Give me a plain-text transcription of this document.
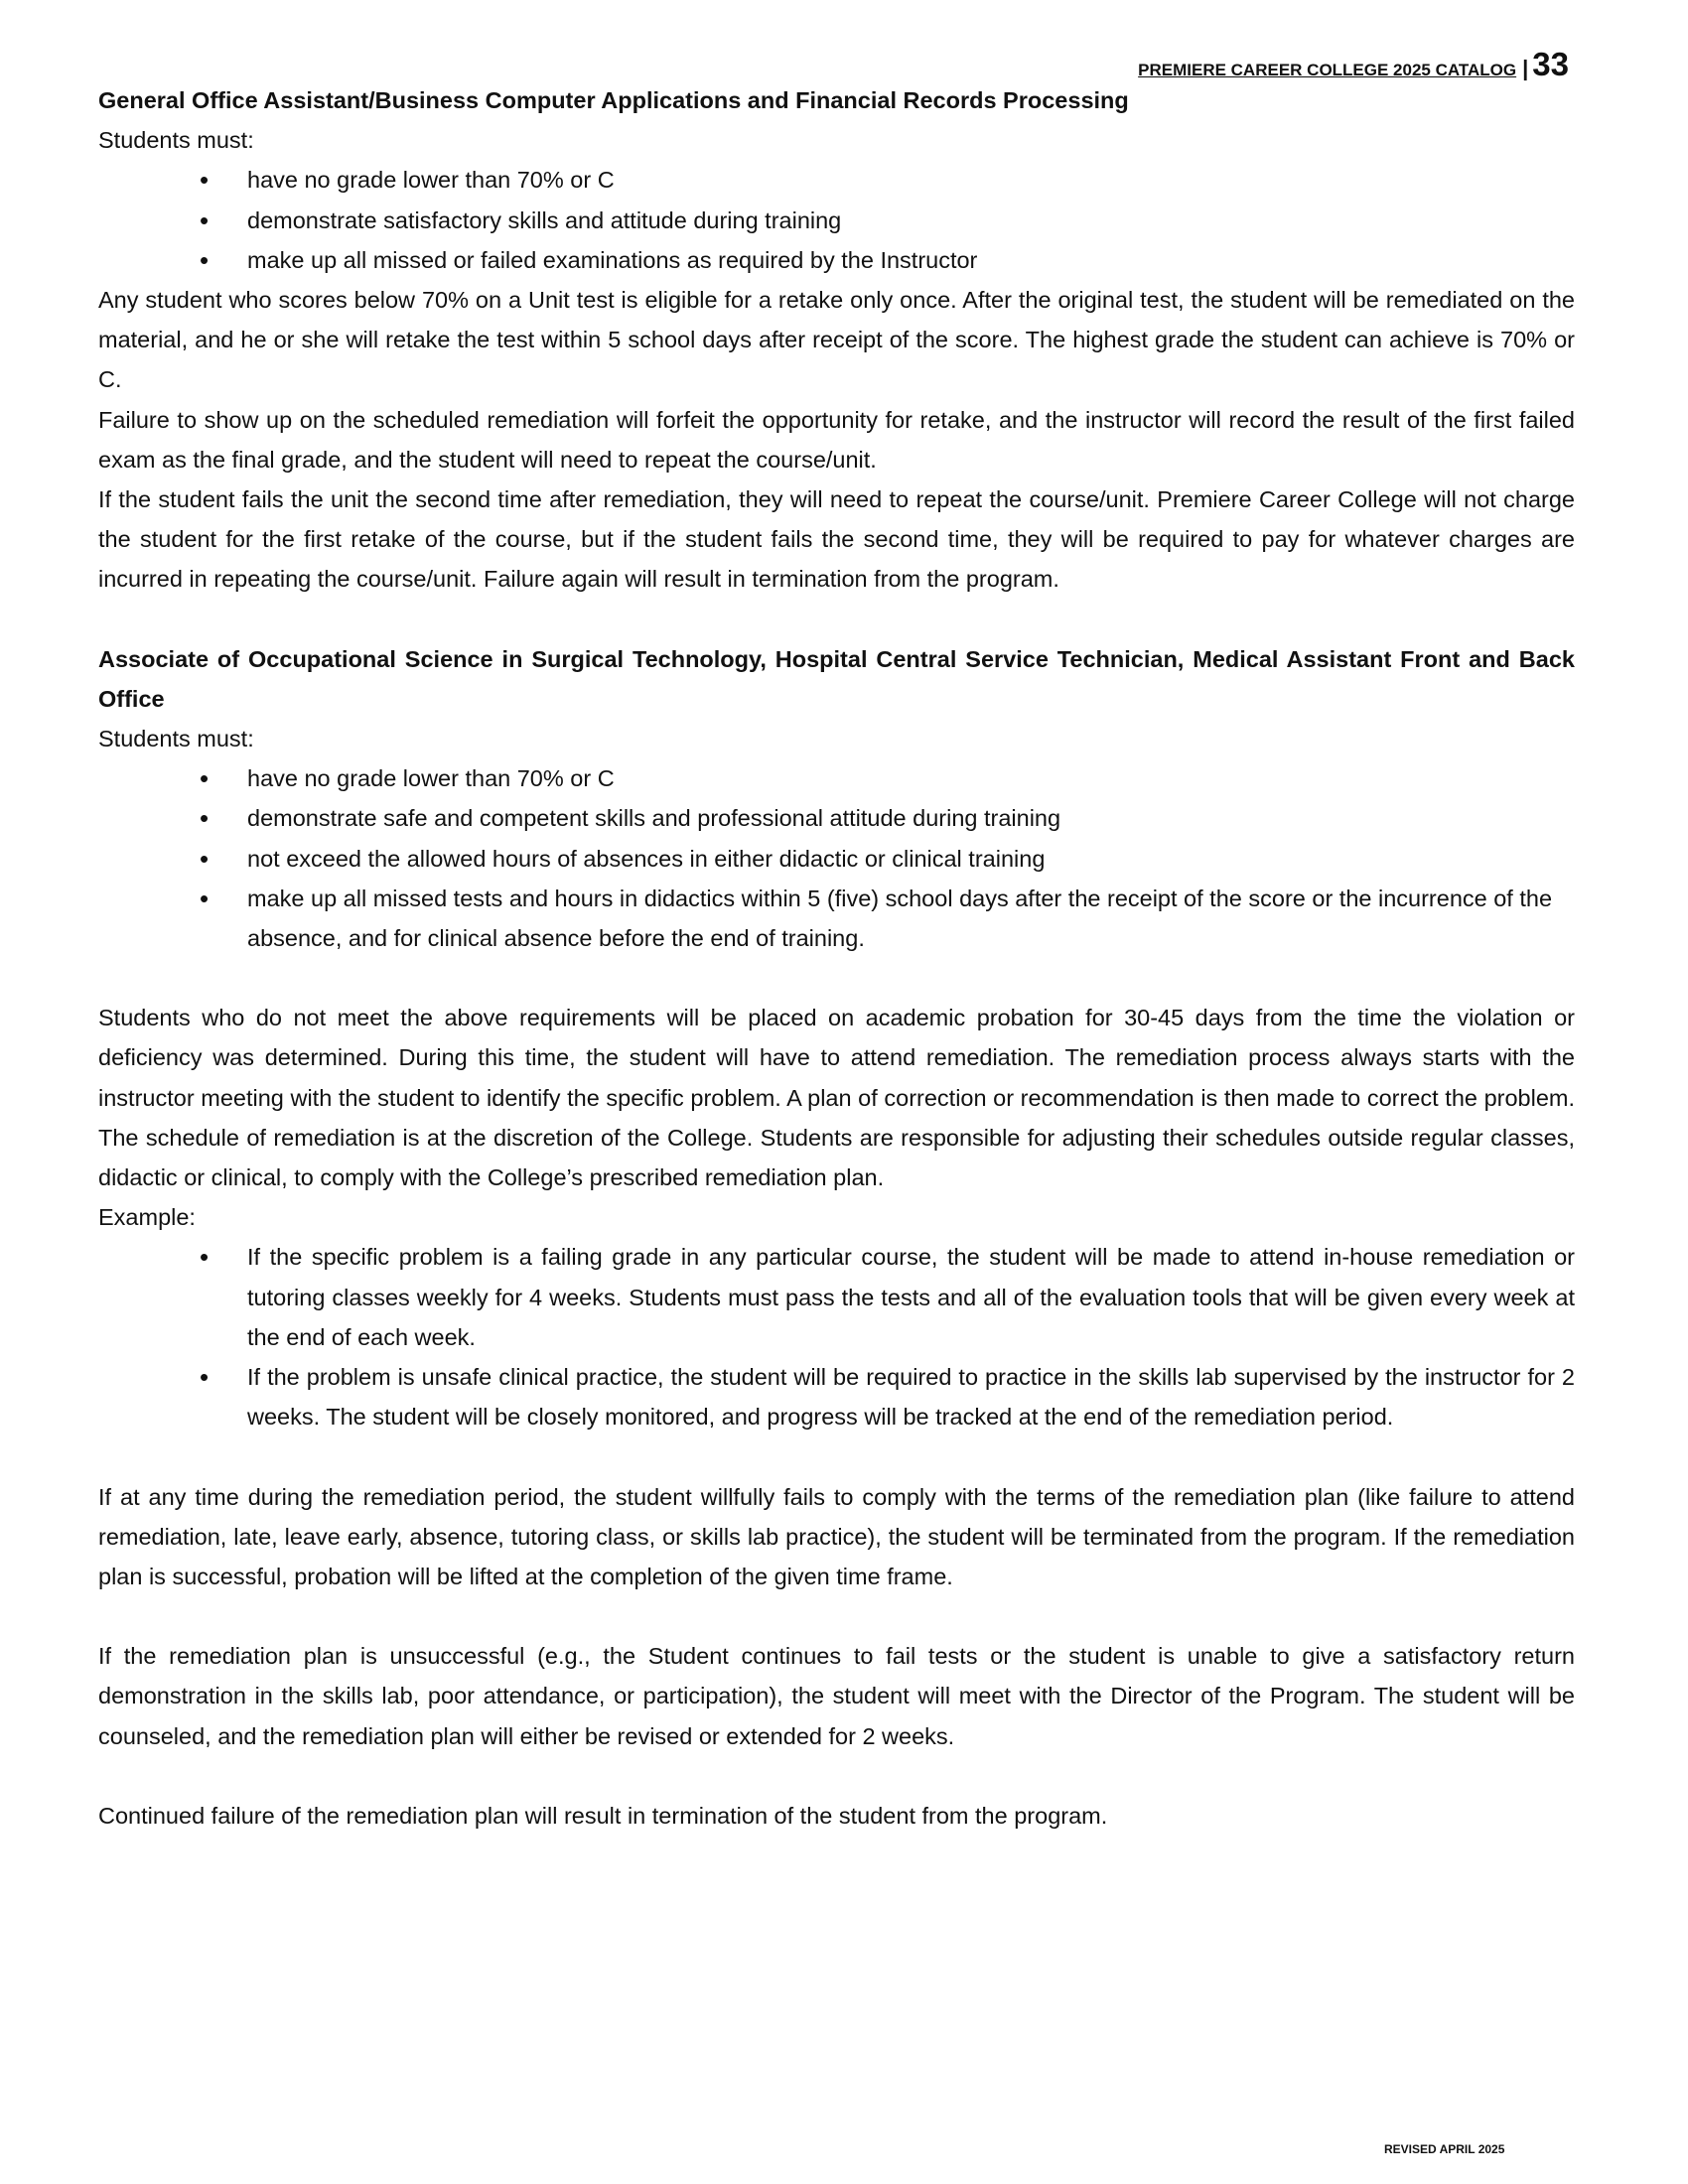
PREMIERE CAREER COLLEGE 2025 CATALOG | 33

General Office Assistant/Business Computer Applications and Financial Records Processing

Students must:

• have no grade lower than 70% or C
• demonstrate satisfactory skills and attitude during training
• make up all missed or failed examinations as required by the Instructor

Any student who scores below 70% on a Unit test is eligible for a retake only once. After the original test, the student will be remediated on the material, and he or she will retake the test within 5 school days after receipt of the score. The highest grade the student can achieve is 70% or C.

Failure to show up on the scheduled remediation will forfeit the opportunity for retake, and the instructor will record the result of the first failed exam as the final grade, and the student will need to repeat the course/unit.

If the student fails the unit the second time after remediation, they will need to repeat the course/unit. Premiere Career College will not charge the student for the first retake of the course, but if the student fails the second time, they will be required to pay for whatever charges are incurred in repeating the course/unit. Failure again will result in termination from the program.

Associate of Occupational Science in Surgical Technology, Hospital Central Service Technician, Medical Assistant Front and Back Office

Students must:

• have no grade lower than 70% or C
• demonstrate safe and competent skills and professional attitude during training
• not exceed the allowed hours of absences in either didactic or clinical training
• make up all missed tests and hours in didactics within 5 (five) school days after the receipt of the score or the incurrence of the absence, and for clinical absence before the end of training.

Students who do not meet the above requirements will be placed on academic probation for 30-45 days from the time the violation or deficiency was determined. During this time, the student will have to attend remediation. The remediation process always starts with the instructor meeting with the student to identify the specific problem. A plan of correction or recommendation is then made to correct the problem. The schedule of remediation is at the discretion of the College. Students are responsible for adjusting their schedules outside regular classes, didactic or clinical, to comply with the College’s prescribed remediation plan.

Example:

• If the specific problem is a failing grade in any particular course, the student will be made to attend in-house remediation or tutoring classes weekly for 4 weeks. Students must pass the tests and all of the evaluation tools that will be given every week at the end of each week.
• If the problem is unsafe clinical practice, the student will be required to practice in the skills lab supervised by the instructor for 2 weeks. The student will be closely monitored, and progress will be tracked at the end of the remediation period.

If at any time during the remediation period, the student willfully fails to comply with the terms of the remediation plan (like failure to attend remediation, late, leave early, absence, tutoring class, or skills lab practice), the student will be terminated from the program. If the remediation plan is successful, probation will be lifted at the completion of the given time frame.

If the remediation plan is unsuccessful (e.g., the Student continues to fail tests or the student is unable to give a satisfactory return demonstration in the skills lab, poor attendance, or participation), the student will meet with the Director of the Program. The student will be counseled, and the remediation plan will either be revised or extended for 2 weeks.

Continued failure of the remediation plan will result in termination of the student from the program.

REVISED APRIL 2025
